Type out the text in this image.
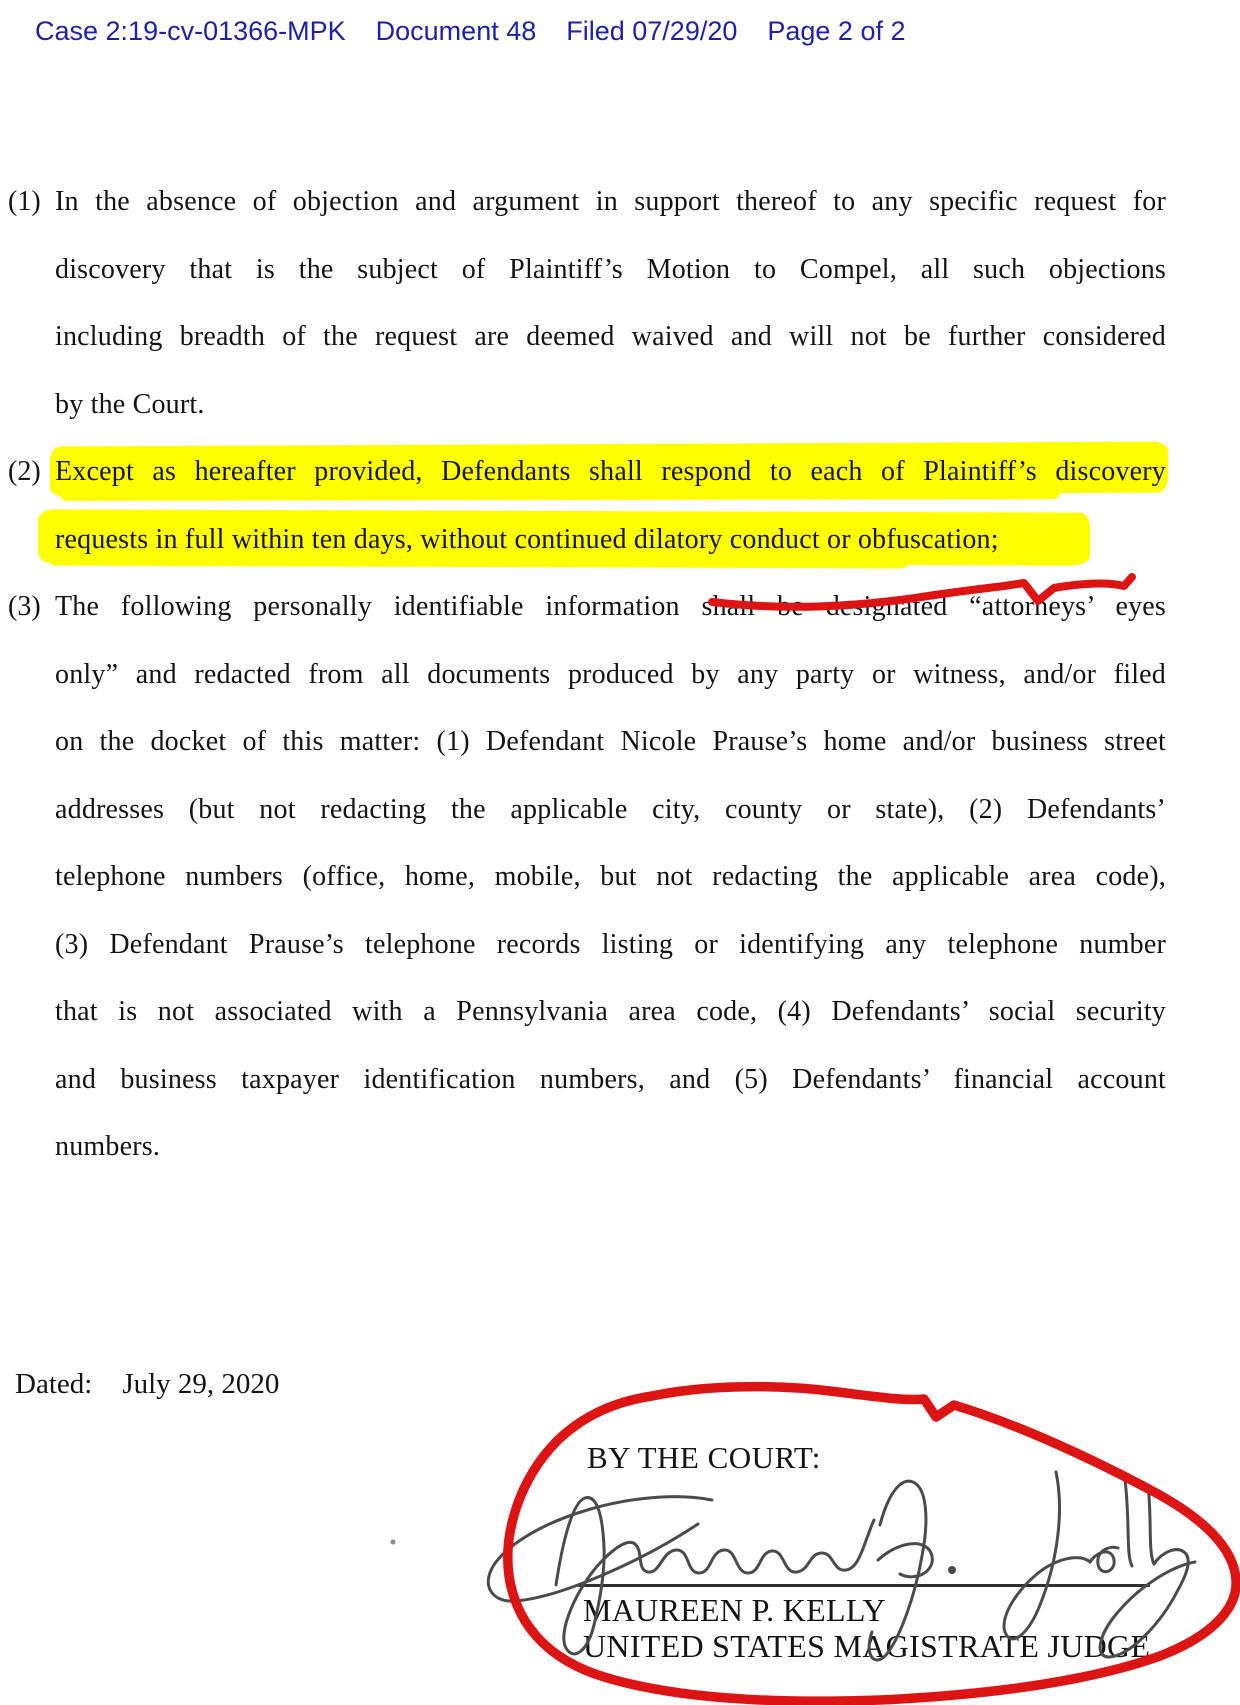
Case 2:19-cv-01366-MPK Document 48 Filed 07/29/20 Page 2 of 2
(1) In the absence of objection and argument in support thereof to any specific request for
discovery that is the subject of Plaintiff’s Motion to Compel, all such objections
including breadth of the request are deemed waived and will not be further considered
by the Court.
(2) Except as hereafter provided, Defendants shall respond to each of Plaintiff’s discovery
requests in full within ten days, without continued dilatory conduct or obfuscation;
(3) The following personally identifiable information shall be designated “attorneys’ eyes
only” and redacted from all documents produced by any party or witness, and/or filed
on the docket of this matter: (1) Defendant Nicole Prause’s home and/or business street
addresses (but not redacting the applicable city, county or state), (2) Defendants’
telephone numbers (office, home, mobile, but not redacting the applicable area code),
(3) Defendant Prause’s telephone records listing or identifying any telephone number
that is not associated with a Pennsylvania area code, (4) Defendants’ social security
and business taxpayer identification numbers, and (5) Defendants’ financial account
numbers.
Dated: July 29, 2020
BY THE COURT:
MAUREEN P. KELLY
UNITED STATES MAGISTRATE JUDGE
